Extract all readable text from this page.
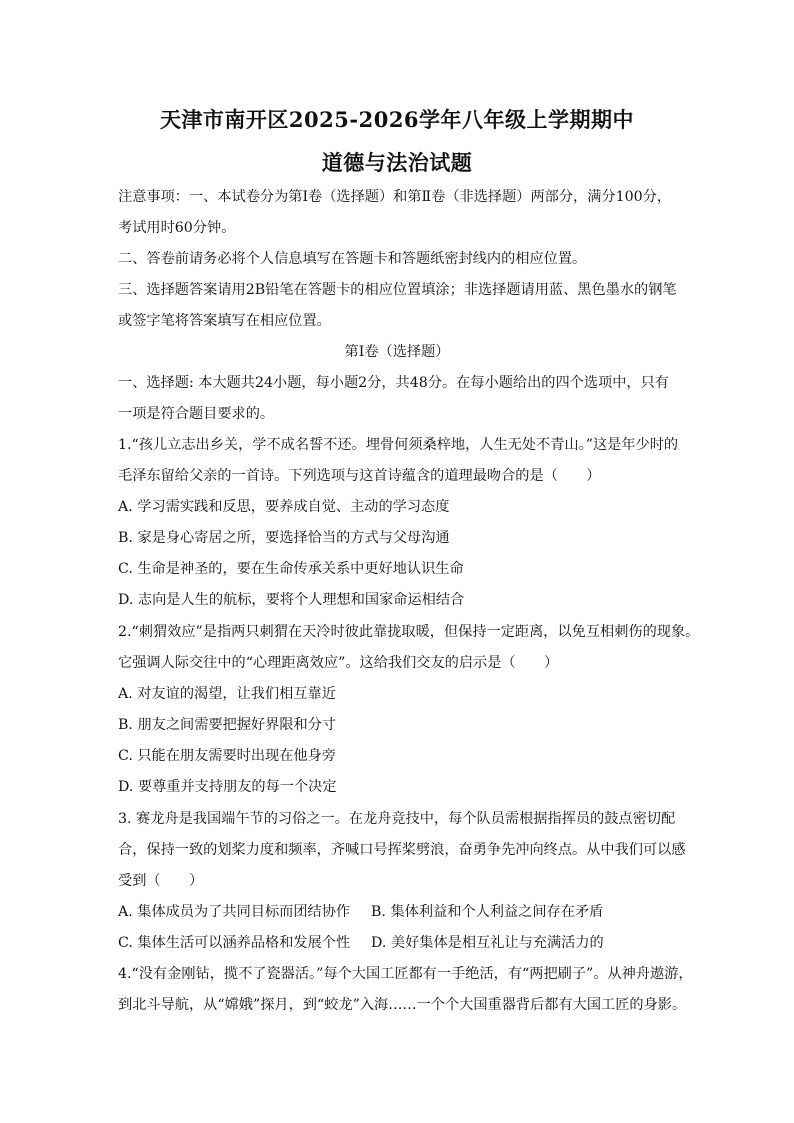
天津市南开区2025-2026学年八年级上学期期中
道德与法治试题
注意事项：一、本试卷分为第Ⅰ卷（选择题）和第Ⅱ卷（非选择题）两部分，满分100分，
考试用时60分钟。
二、答卷前请务必将个人信息填写在答题卡和答题纸密封线内的相应位置。
三、选择题答案请用2B铅笔在答题卡的相应位置填涂；非选择题请用蓝、黑色墨水的钢笔
或签字笔将答案填写在相应位置。
第Ⅰ卷（选择题）
一、选择题: 本大题共24小题，每小题2分，共48分。在每小题给出的四个选项中，只有
一项是符合题目要求的。
1.“孩儿立志出乡关，学不成名誓不还。埋骨何须桑梓地，人生无处不青山。”这是年少时的
毛泽东留给父亲的一首诗。下列选项与这首诗蕴含的道理最吻合的是（　　）
A. 学习需实践和反思，要养成自觉、主动的学习态度
B. 家是身心寄居之所，要选择恰当的方式与父母沟通
C. 生命是神圣的，要在生命传承关系中更好地认识生命
D. 志向是人生的航标，要将个人理想和国家命运相结合
2.“刺猬效应”是指两只刺猬在天冷时彼此靠拢取暖，但保持一定距离，以免互相刺伤的现象。
它强调人际交往中的“心理距离效应”。这给我们交友的启示是（　　）
A. 对友谊的渴望，让我们相互靠近
B. 朋友之间需要把握好界限和分寸
C. 只能在朋友需要时出现在他身旁
D. 要尊重并支持朋友的每一个决定
3. 赛龙舟是我国端午节的习俗之一。在龙舟竞技中，每个队员需根据指挥员的鼓点密切配
合，保持一致的划桨力度和频率，齐喊口号挥桨劈浪，奋勇争先冲向终点。从中我们可以感
受到（　　）
A. 集体成员为了共同目标而团结协作 B. 集体利益和个人利益之间存在矛盾
C. 集体生活可以涵养品格和发展个性 D. 美好集体是相互礼让与充满活力的
4.“没有金刚钻，揽不了瓷器活。”每个大国工匠都有一手绝活，有“两把刷子”。从神舟遨游，
到北斗导航，从“嫦娥”探月，到“蛟龙”入海……一个个大国重器背后都有大国工匠的身影。
